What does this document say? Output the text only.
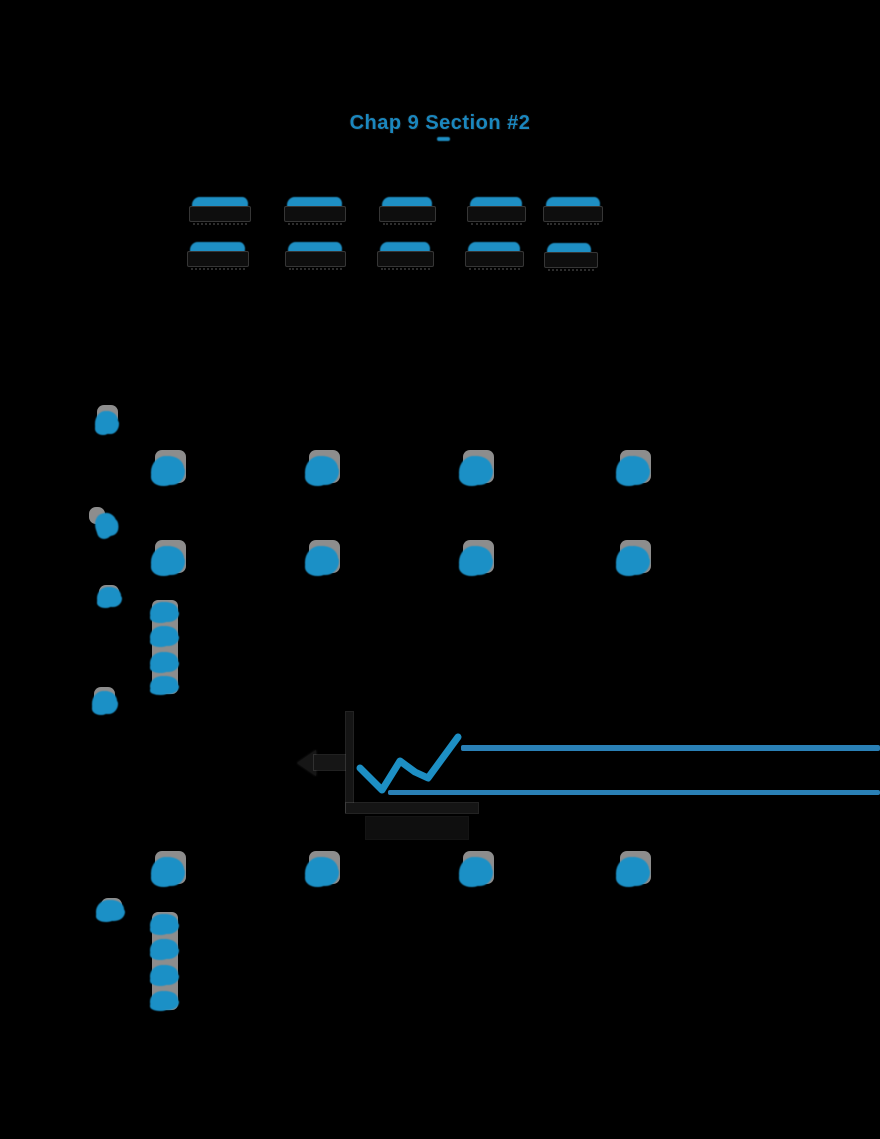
Chap 9 Section #2
